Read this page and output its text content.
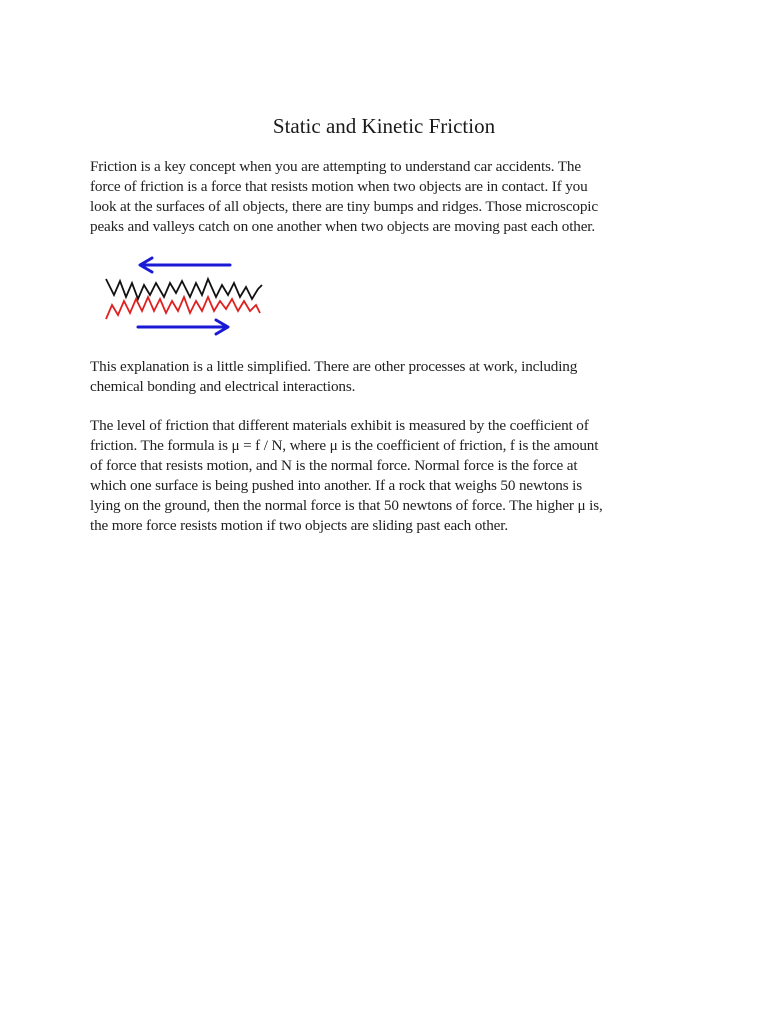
Static and Kinetic Friction

Friction is a key concept when you are attempting to understand car accidents. The
force of friction is a force that resists motion when two objects are in contact. If you
look at the surfaces of all objects, there are tiny bumps and ridges. Those microscopic
peaks and valleys catch on one another when two objects are moving past each other.

This explanation is a little simplified. There are other processes at work, including
chemical bonding and electrical interactions.

The level of friction that different materials exhibit is measured by the coefficient of
friction. The formula is μ = f / N, where μ is the coefficient of friction, f is the amount
of force that resists motion, and N is the normal force. Normal force is the force at
which one surface is being pushed into another. If a rock that weighs 50 newtons is
lying on the ground, then the normal force is that 50 newtons of force. The higher μ is,
the more force resists motion if two objects are sliding past each other.
